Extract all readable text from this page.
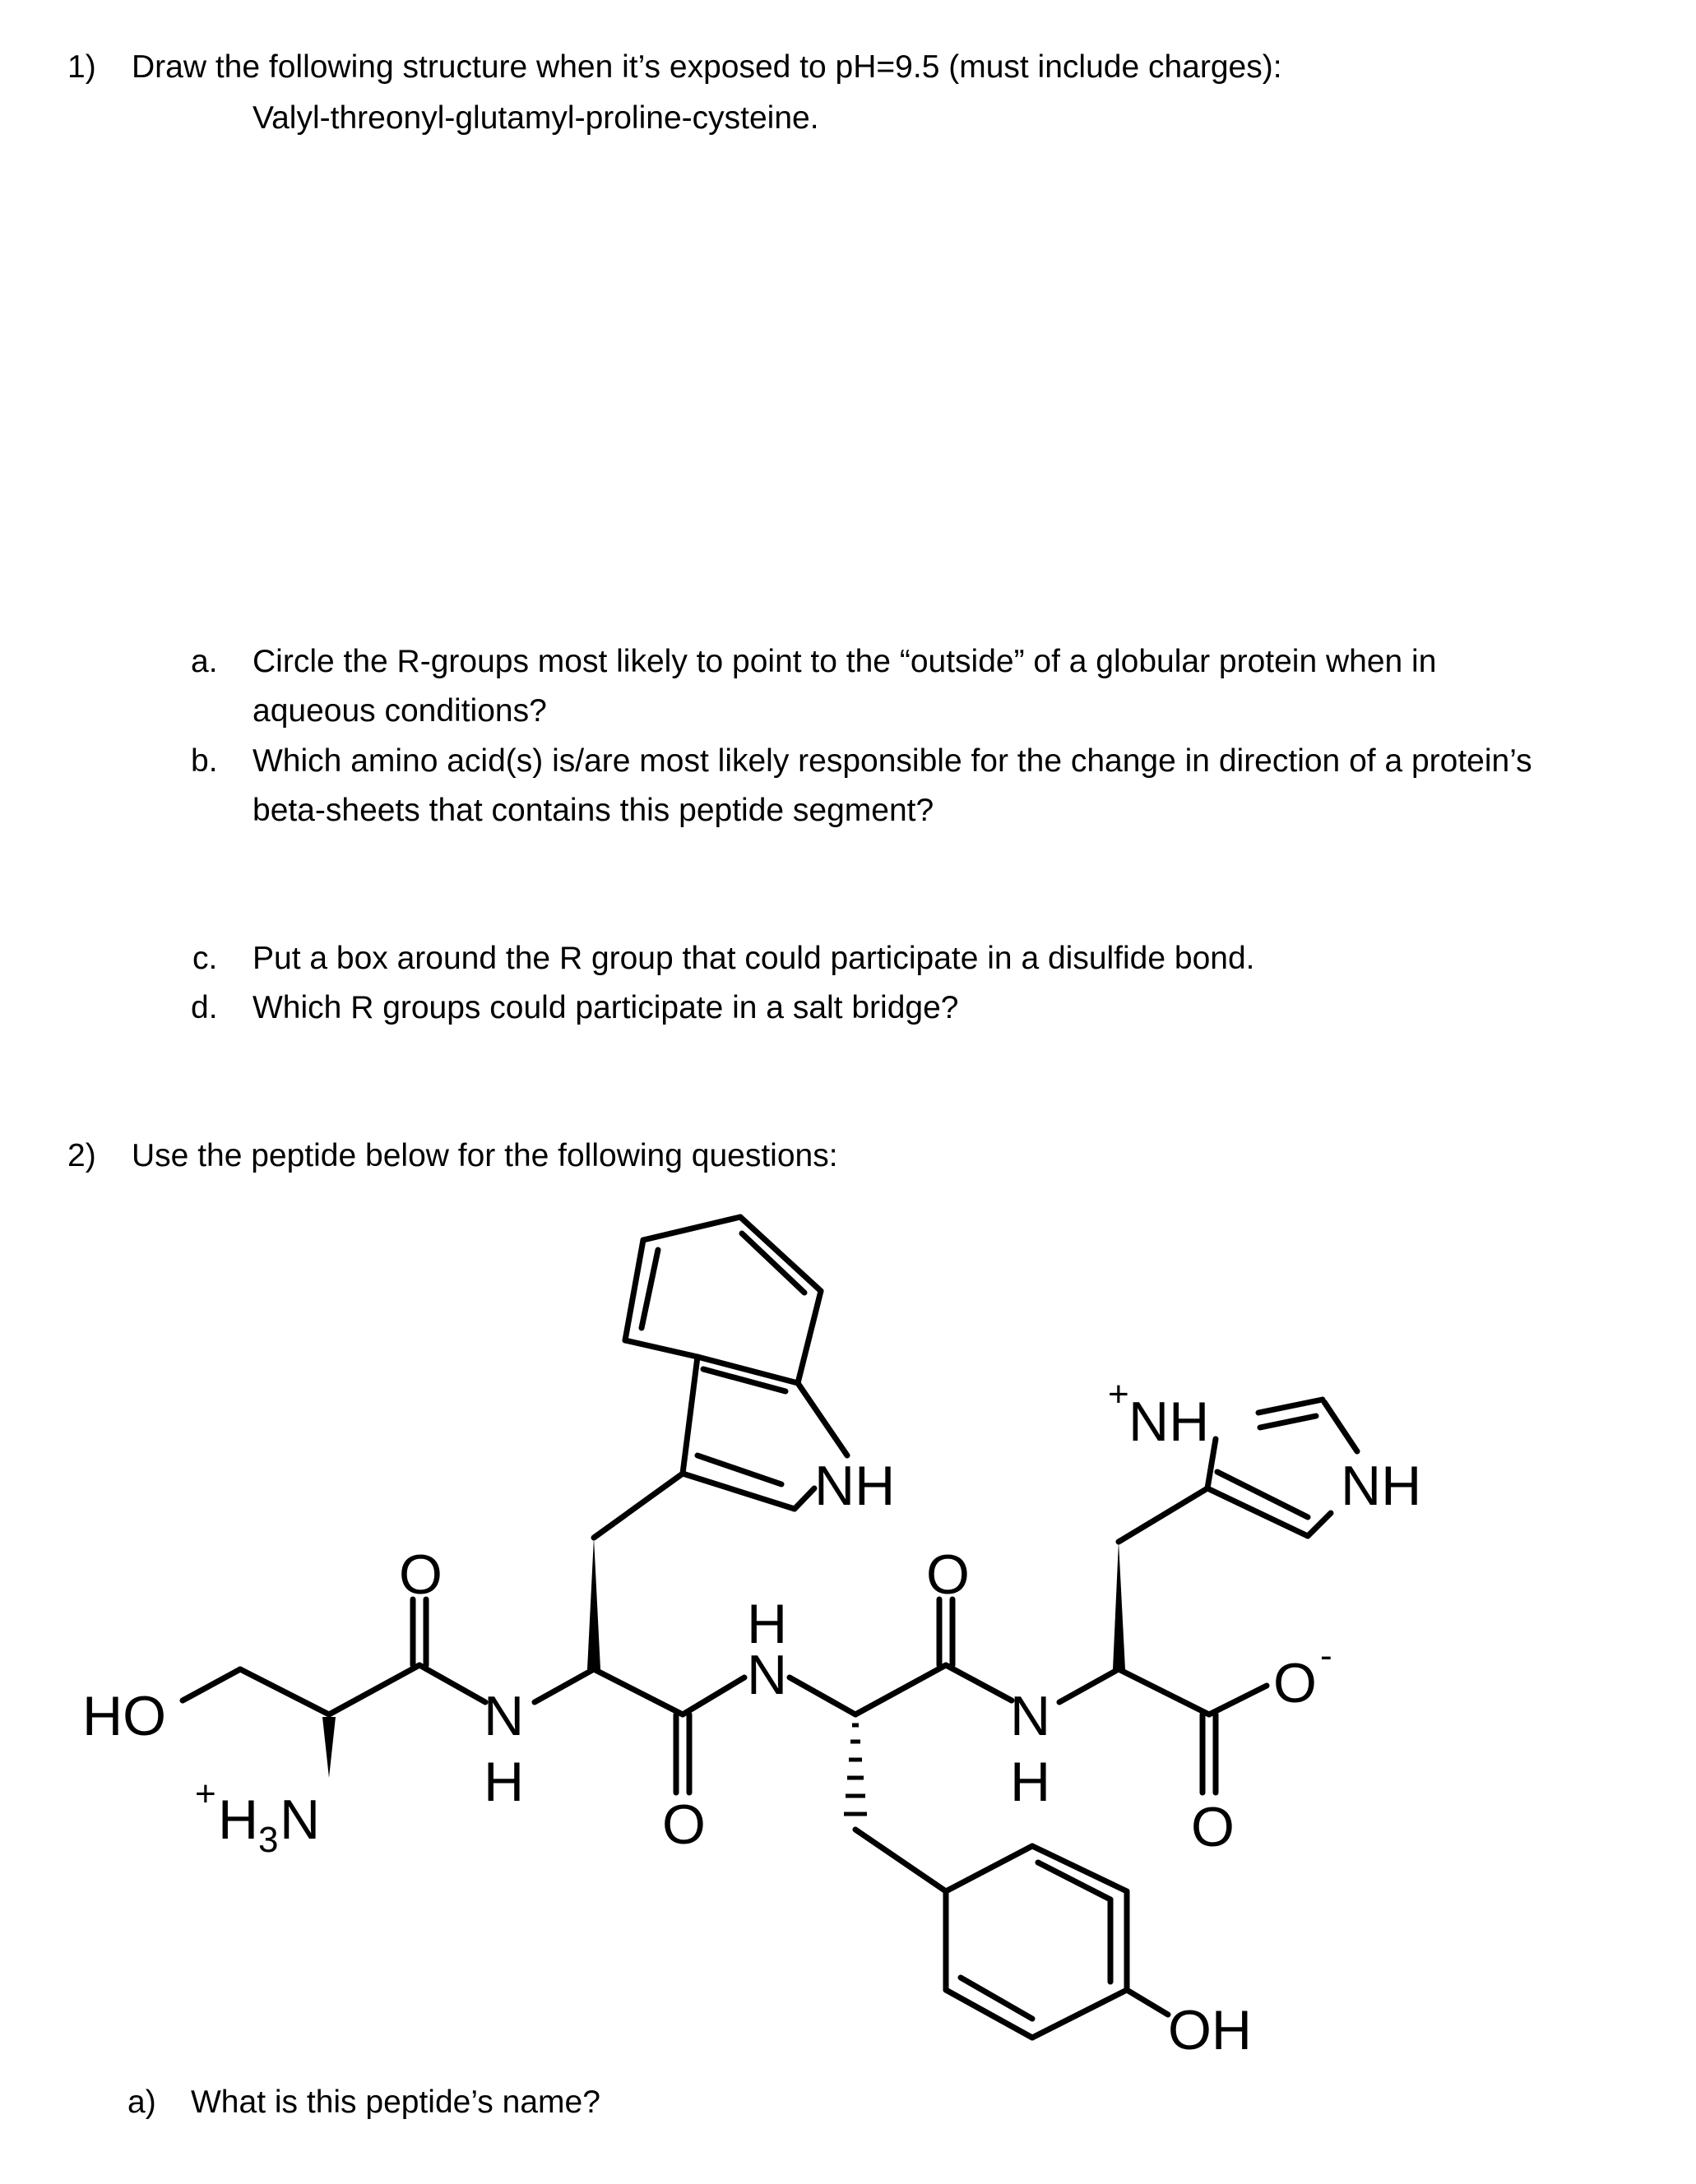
1) Draw the following structure when it’s exposed to pH=9.5 (must include charges):
Valyl-threonyl-glutamyl-proline-cysteine.
a. Circle the R-groups most likely to point to the “outside” of a globular protein when in
aqueous conditions?
b. Which amino acid(s) is/are most likely responsible for the change in direction of a protein’s
beta-sheets that contains this peptide segment?
c. Put a box around the R group that could participate in a disulfide bond.
d. Which R groups could participate in a salt bridge?
2) Use the peptide below for the following questions:
a) What is this peptide’s name?
HO
+ H 3 N
O
N
H
O
H
N
O
N
H
O
O -
NH
+ NH
NH
OH
